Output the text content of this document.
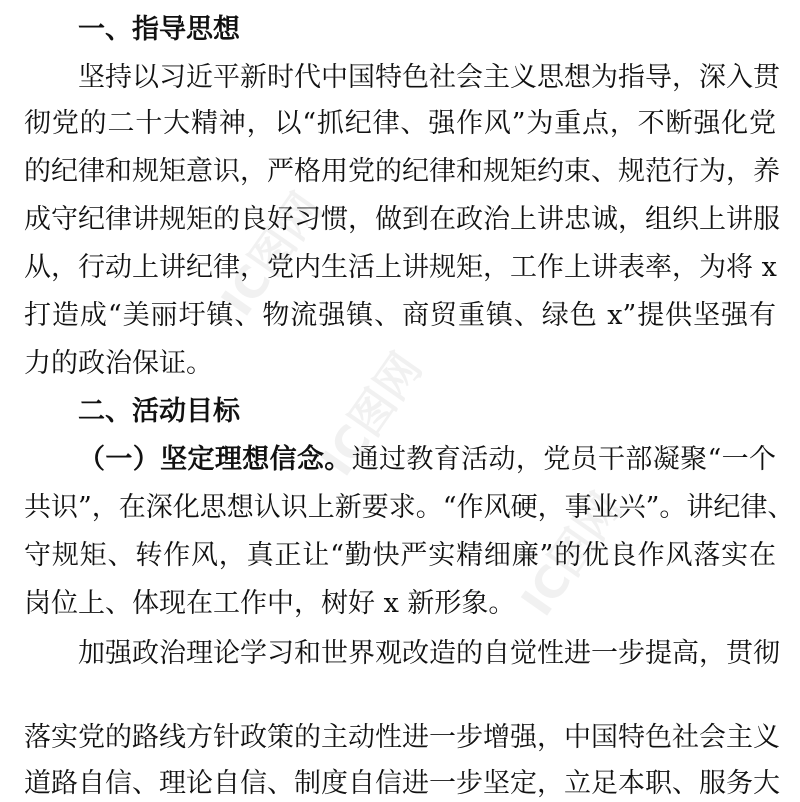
IC图网
IC图网
IC图网
一、指导思想
坚持以习近平新时代中国特色社会主义思想为指导，深入贯
彻党的二十大精神，以“抓纪律、强作风”为重点，不断强化党
的纪律和规矩意识，严格用党的纪律和规矩约束、规范行为，养
成守纪律讲规矩的良好习惯，做到在政治上讲忠诚，组织上讲服
从，行动上讲纪律，党内生活上讲规矩，工作上讲表率，为将 x
打造成“美丽圩镇、物流强镇、商贸重镇、绿色 x”提供坚强有
力的政治保证。
二、活动目标
（一）坚定理想信念。通过教育活动，党员干部凝聚“一个
共识”，在深化思想认识上新要求。“作风硬，事业兴”。讲纪律、
守规矩、转作风，真正让“勤快严实精细廉”的优良作风落实在
岗位上、体现在工作中，树好 x 新形象。
加强政治理论学习和世界观改造的自觉性进一步提高，贯彻
落实党的路线方针政策的主动性进一步增强，中国特色社会主义
道路自信、理论自信、制度自信进一步坚定，立足本职、服务大
